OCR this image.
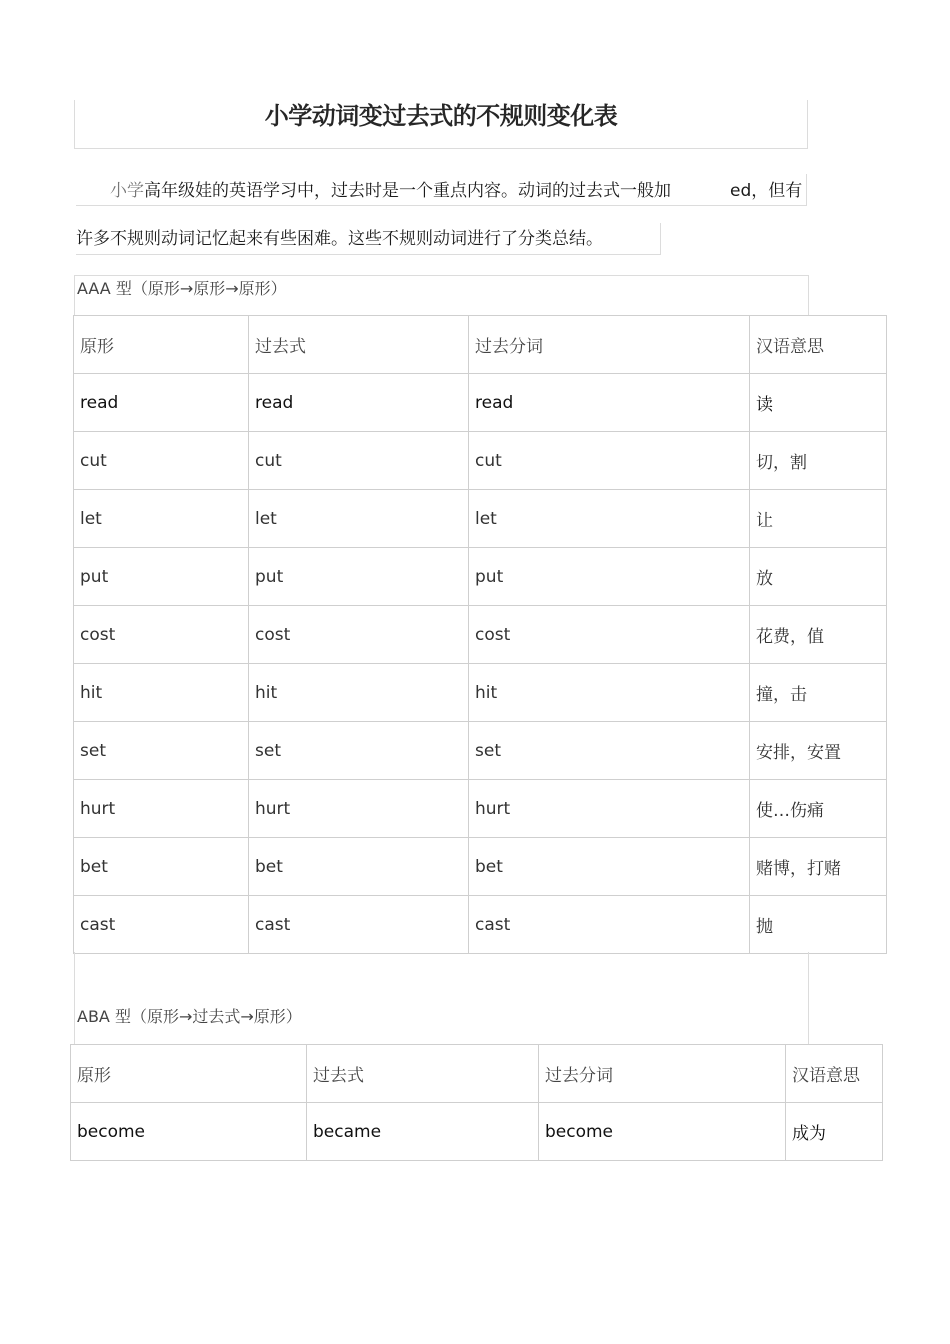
小学动词变过去式的不规则变化表
小学高年级娃的英语学习中，过去时是一个重点内容。动词的过去式一般加	ed，但有
许多不规则动词记忆起来有些困难。这些不规则动词进行了分类总结。
AAA 型（原形→原形→原形）
原形	过去式	过去分词	汉语意思
read	read	read	读
cut	cut	cut	切，割
let	let	let	让
put	put	put	放
cost	cost	cost	花费，值
hit	hit	hit	撞，击
set	set	set	安排，安置
hurt	hurt	hurt	使…伤痛
bet	bet	bet	赌博，打赌
cast	cast	cast	抛
ABA 型（原形→过去式→原形）
原形	过去式	过去分词	汉语意思
become	became	become	成为
